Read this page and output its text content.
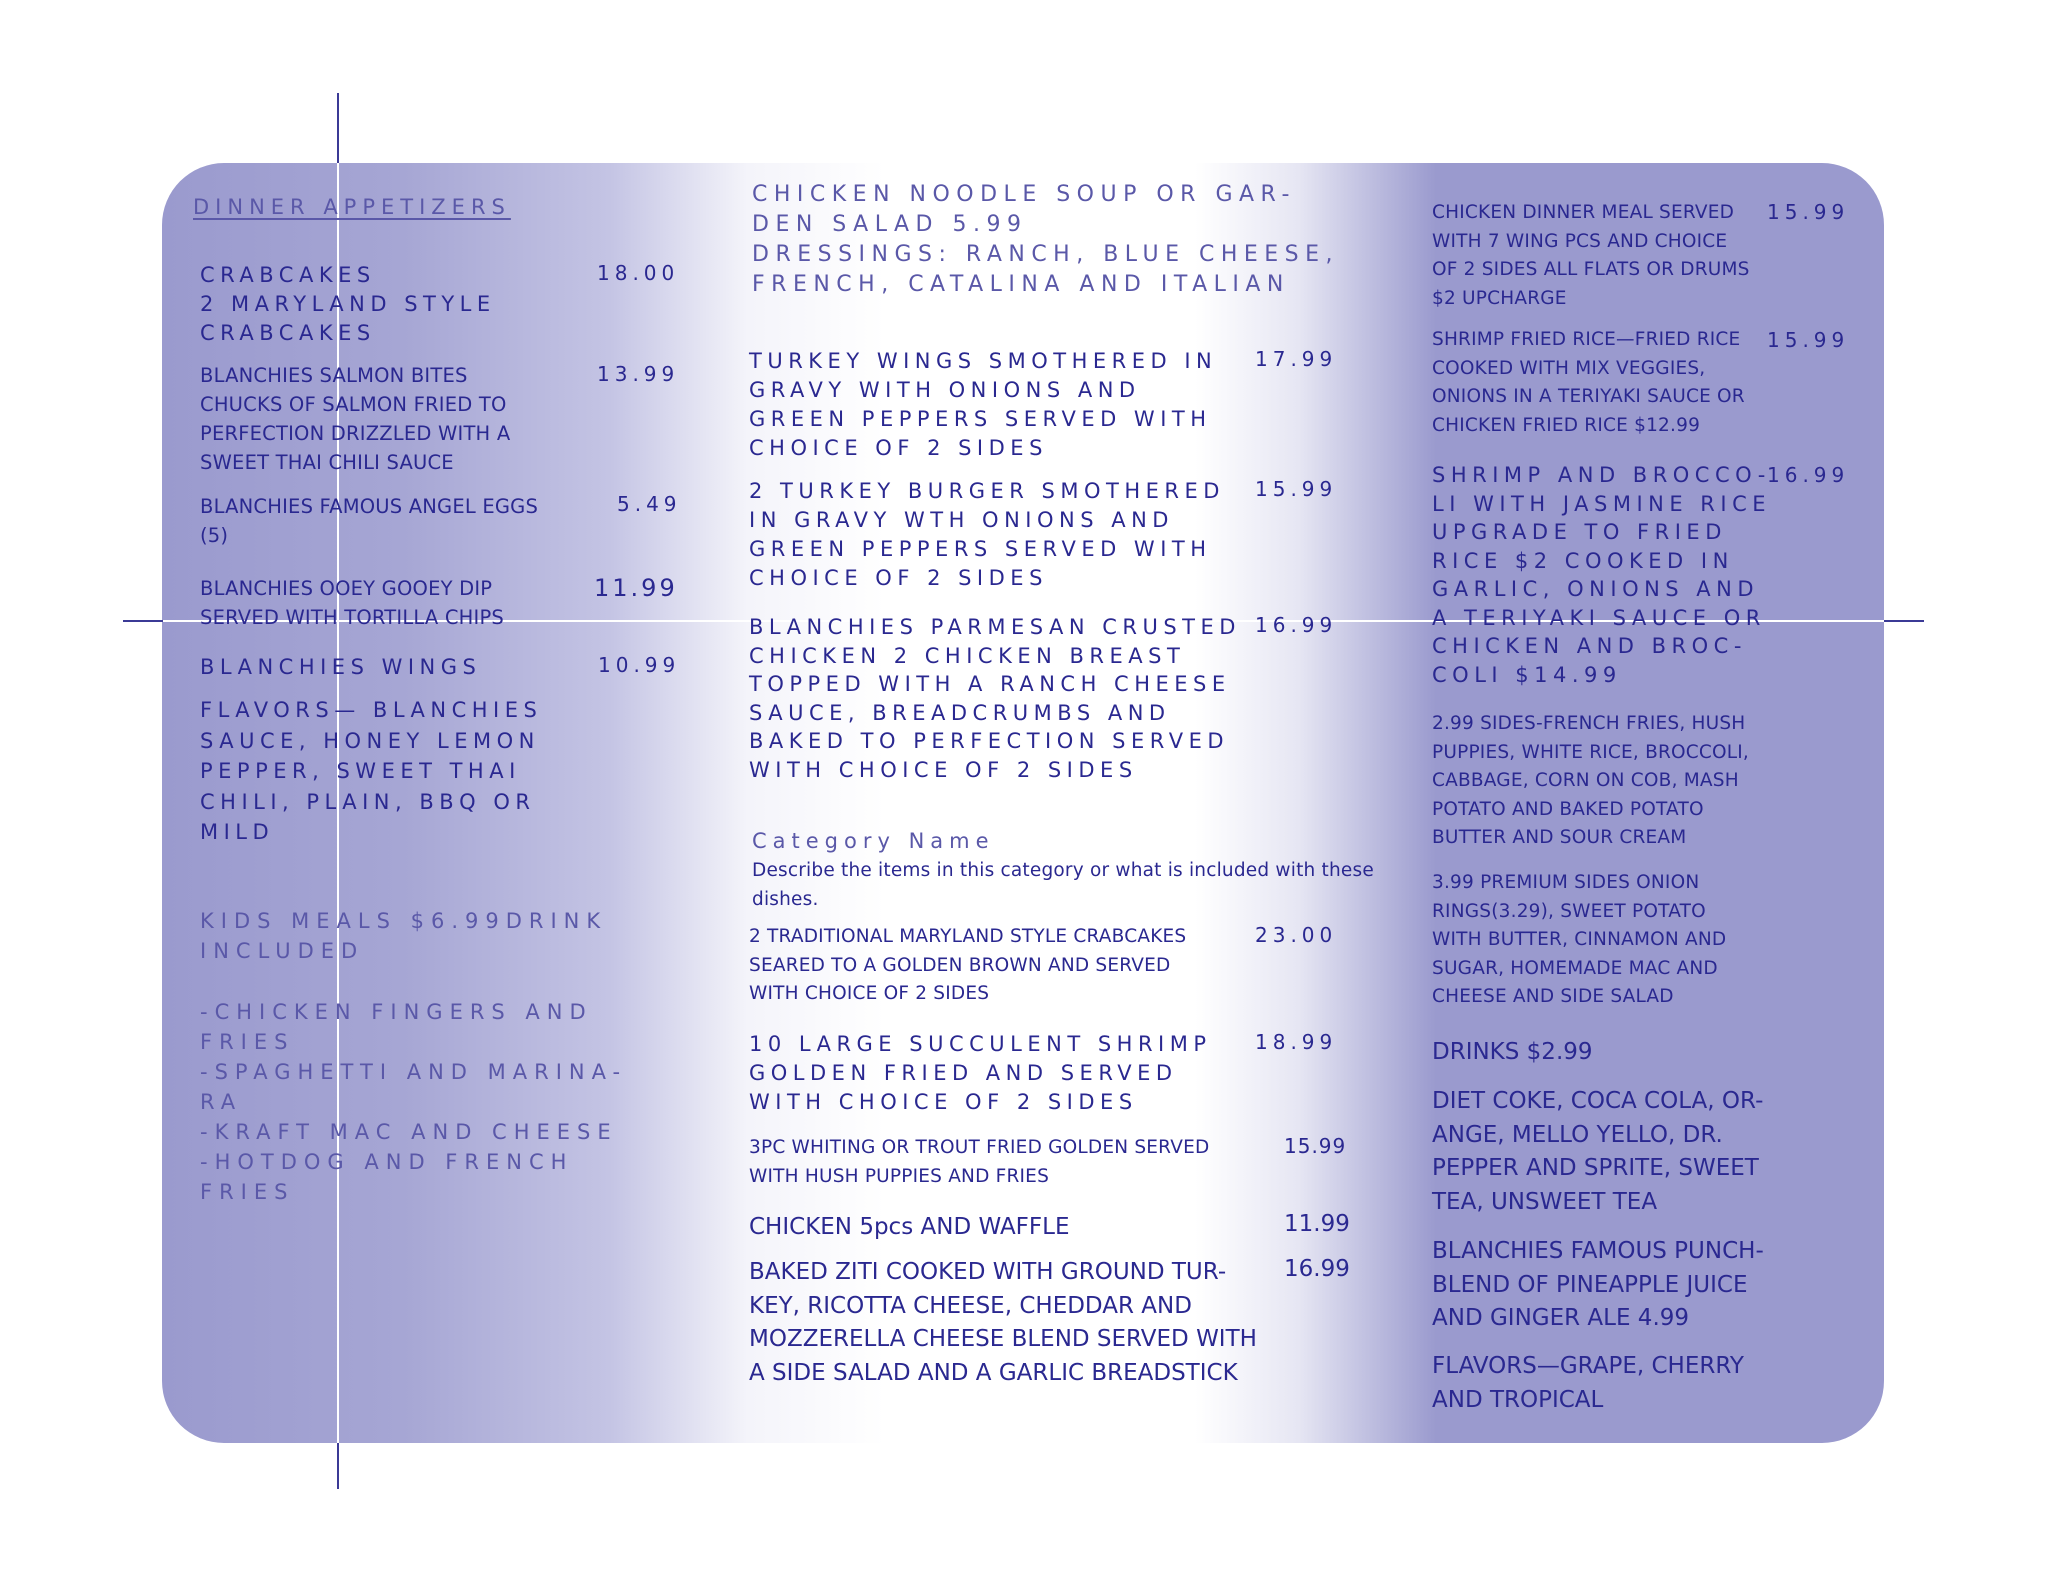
DINNER APPETIZERS
CRABCAKES
2 MARYLAND STYLE
CRABCAKES
18.00
BLANCHIES SALMON BITES
CHUCKS OF SALMON FRIED TO
PERFECTION DRIZZLED WITH A
SWEET THAI CHILI SAUCE
13.99
BLANCHIES FAMOUS ANGEL EGGS
(5)
5.49
BLANCHIES OOEY GOOEY DIP
SERVED WITH TORTILLA CHIPS
11.99
BLANCHIES WINGS	10.99
FLAVORS— BLANCHIES
SAUCE, HONEY LEMON
PEPPER, SWEET THAI
CHILI, PLAIN, BBQ OR
MILD
KIDS MEALS $6.99DRINK
INCLUDED
-CHICKEN FINGERS AND
FRIES
-SPAGHETTI AND MARINA-
RA
-KRAFT MAC AND CHEESE
-HOTDOG AND FRENCH
FRIES
CHICKEN NOODLE SOUP OR GAR-
DEN SALAD 5.99
DRESSINGS: RANCH, BLUE CHEESE,
FRENCH, CATALINA AND ITALIAN
TURKEY WINGS SMOTHERED IN
GRAVY WITH ONIONS AND
GREEN PEPPERS SERVED WITH
CHOICE OF 2 SIDES
17.99
2 TURKEY BURGER SMOTHERED
IN GRAVY WTH ONIONS AND
GREEN PEPPERS SERVED WITH
CHOICE OF 2 SIDES
15.99
BLANCHIES PARMESAN CRUSTED
CHICKEN 2 CHICKEN BREAST
TOPPED WITH A RANCH CHEESE
SAUCE, BREADCRUMBS AND
BAKED TO PERFECTION SERVED
WITH CHOICE OF 2 SIDES
16.99
Category Name
Describe the items in this category or what is included with these
dishes.
2 TRADITIONAL MARYLAND STYLE CRABCAKES
SEARED TO A GOLDEN BROWN AND SERVED
WITH CHOICE OF 2 SIDES
23.00
10 LARGE SUCCULENT SHRIMP
GOLDEN FRIED AND SERVED
WITH CHOICE OF 2 SIDES
18.99
3PC WHITING OR TROUT FRIED GOLDEN SERVED
WITH HUSH PUPPIES AND FRIES
15.99
CHICKEN 5pcs AND WAFFLE	11.99
BAKED ZITI COOKED WITH GROUND TUR-
KEY, RICOTTA CHEESE, CHEDDAR AND
MOZZERELLA CHEESE BLEND SERVED WITH
A SIDE SALAD AND A GARLIC BREADSTICK
16.99
CHICKEN DINNER MEAL SERVED
WITH 7 WING PCS AND CHOICE
OF 2 SIDES ALL FLATS OR DRUMS
$2 UPCHARGE
15.99
SHRIMP FRIED RICE—FRIED RICE
COOKED WITH MIX VEGGIES,
ONIONS IN A TERIYAKI SAUCE OR
CHICKEN FRIED RICE $12.99
15.99
SHRIMP AND BROCCO-
LI WITH JASMINE RICE
UPGRADE TO FRIED
RICE $2 COOKED IN
GARLIC, ONIONS AND
A TERIYAKI SAUCE OR
CHICKEN AND BROC-
COLI $14.99
16.99
2.99 SIDES-FRENCH FRIES, HUSH
PUPPIES, WHITE RICE, BROCCOLI,
CABBAGE, CORN ON COB, MASH
POTATO AND BAKED POTATO
BUTTER AND SOUR CREAM
3.99 PREMIUM SIDES ONION
RINGS(3.29), SWEET POTATO
WITH BUTTER, CINNAMON AND
SUGAR, HOMEMADE MAC AND
CHEESE AND SIDE SALAD
DRINKS $2.99
DIET COKE, COCA COLA, OR-
ANGE, MELLO YELLO, DR.
PEPPER AND SPRITE, SWEET
TEA, UNSWEET TEA
BLANCHIES FAMOUS PUNCH-
BLEND OF PINEAPPLE JUICE
AND GINGER ALE 4.99
FLAVORS—GRAPE, CHERRY
AND TROPICAL
